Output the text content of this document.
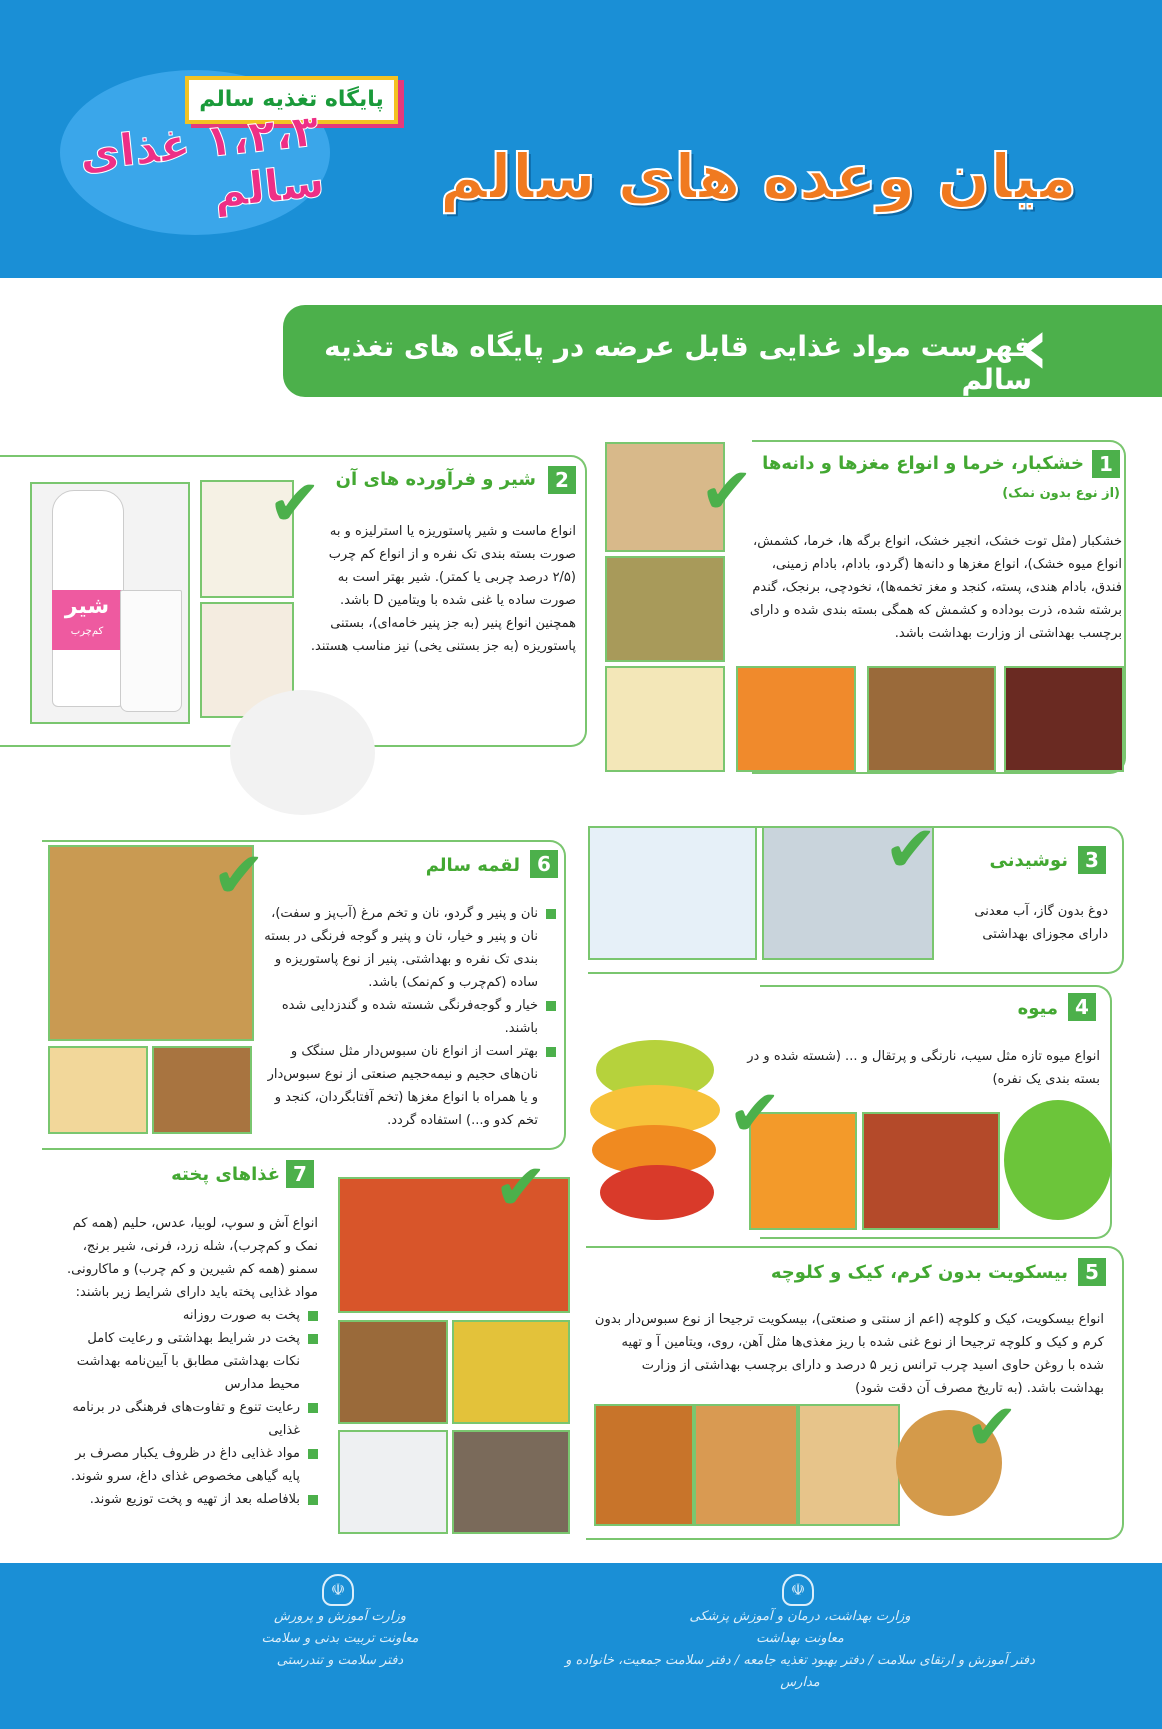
پایگاه تغذیه سالم
۱،۲،۳ غذای سالم	میان وعده های سالم
‹
فهرست مواد غذایی قابل عرضه در پایگاه های تغذیه سالم
1
خشکبار، خرما و انواع مغزها و دانه‌ها
(از نوع بدون نمک)
خشکبار (مثل توت خشک، انجیر خشک، انواع برگه ها، خرما، کشمش، انواع میوه خشک)، انواع مغزها و دانه‌ها (گردو، بادام، بادام زمینی، فندق، بادام هندی، پسته، کنجد و مغز تخمه‌ها)، نخودچی، برنجک، گندم برشته شده، ذرت بوداده و کشمش که همگی بسته بندی شده و دارای برچسب بهداشتی از وزارت بهداشت باشد.
✔
2
شیر و فرآورده های آن
انواع ماست و شیر پاستوریزه یا استرلیزه و به صورت بسته بندی تک نفره و از انواع کم چرب (۲/۵ درصد چربی یا کمتر). شیر بهتر است به صورت ساده یا غنی شده با ویتامین D باشد. همچنین انواع پنیر (به جز پنیر خامه‌ای)، بستنی پاستوریزه (به جز بستنی یخی) نیز مناسب هستند.
شیر
کم‌چرب
✔
3
نوشیدنی
دوغ بدون گاز، آب معدنی دارای مجوزای بهداشتی
✔
4
میوه
انواع میوه تازه مثل سیب، نارنگی و پرتقال و ... (شسته شده و در بسته بندی یک نفره)
✔
5
بیسکویت بدون کرم، کیک و کلوچه
انواع بیسکویت، کیک و کلوچه (اعم از سنتی و صنعتی)، بیسکویت ترجیحا از نوع سبوس‌دار بدون کرم و کیک و کلوچه ترجیحا از نوع غنی شده با ریز مغذی‌ها مثل آهن، روی، ویتامین آ و تهیه شده با روغن حاوی اسید چرب ترانس زیر ۵ درصد و دارای برچسب بهداشتی از وزارت بهداشت باشد. (به تاریخ مصرف آن دقت شود)
✔
6
لقمه سالم
نان و پنیر و گردو، نان و تخم مرغ (آب‌پز و سفت)، نان و پنیر و خیار، نان و پنیر و گوجه فرنگی در بسته بندی تک نفره و بهداشتی. پنیر از نوع پاستوریزه و ساده (کم‌چرب و کم‌نمک) باشد.
خیار و گوجه‌فرنگی شسته شده و گندزدایی شده باشند.
بهتر است از انواع نان سبوس‌دار مثل سنگک و نان‌های حجیم و نیمه‌حجیم صنعتی از نوع سبوس‌دار و یا همراه با انواع مغزها (تخم آفتابگردان، کنجد و تخم کدو و...) استفاده گردد.
✔
7
غذاهای پخته
انواع آش و سوپ، لوبیا، عدس، حلیم (همه کم نمک و کم‌چرب)، شله زرد، فرنی، شیر برنج، سمنو (همه کم شیرین و کم چرب) و ماکارونی. مواد غذایی پخته باید دارای شرایط زیر باشند:
پخت به صورت روزانه
پخت در شرایط بهداشتی و رعایت کامل نکات بهداشتی مطابق با آیین‌نامه بهداشت محیط مدارس
رعایت تنوع و تفاوت‌های فرهنگی در برنامه غذایی
مواد غذایی داغ در ظروف یکبار مصرف بر پایه گیاهی مخصوص غذای داغ، سرو شوند.
بلافاصله بعد از تهیه و پخت توزیع شوند.
✔
☫
وزارت آموزش و پرورش
معاونت تربیت بدنی و سلامت
دفتر سلامت و تندرستی
☫
وزارت بهداشت، درمان و آموزش پزشکی
معاونت بهداشت
دفتر آموزش و ارتقای سلامت / دفتر بهبود تغذیه جامعه / دفتر سلامت جمعیت، خانواده و مدارس
